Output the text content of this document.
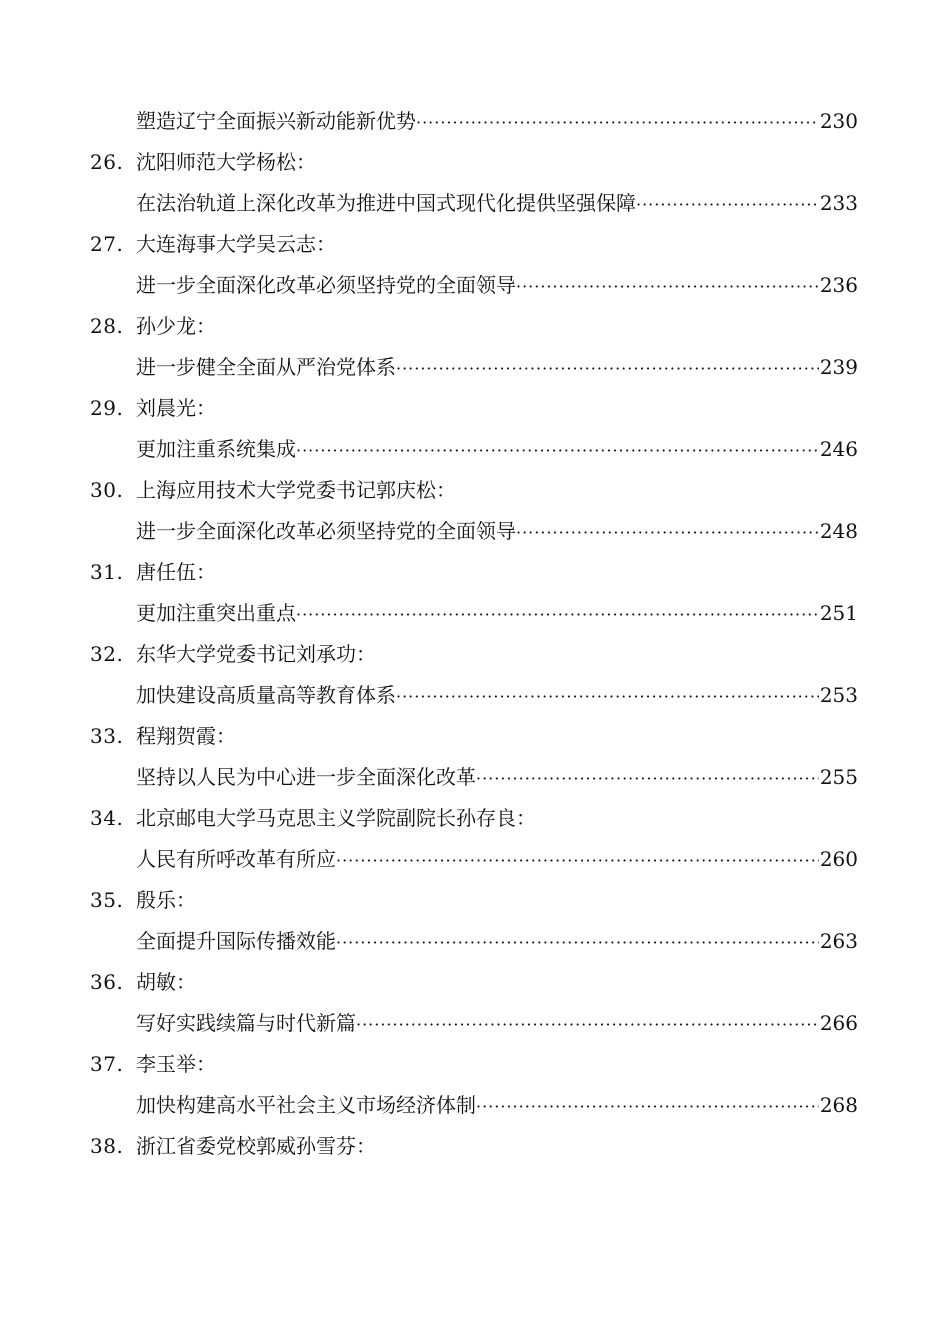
塑造辽宁全面振兴新动能新优势 ·····	230
26. 沈阳师范大学杨松：
在法治轨道上深化改革为推进中国式现代化提供坚强保障 ·····	233
27. 大连海事大学吴云志：
进一步全面深化改革必须坚持党的全面领导 ·····	236
28. 孙少龙：
进一步健全全面从严治党体系 ·····	239
29. 刘晨光：
更加注重系统集成 ·····	246
30. 上海应用技术大学党委书记郭庆松：
进一步全面深化改革必须坚持党的全面领导 ·····	248
31. 唐任伍：
更加注重突出重点 ·····	251
32. 东华大学党委书记刘承功：
加快建设高质量高等教育体系 ·····	253
33. 程翔贺霞：
坚持以人民为中心进一步全面深化改革 ·····	255
34. 北京邮电大学马克思主义学院副院长孙存良：
人民有所呼改革有所应 ·····	260
35. 殷乐：
全面提升国际传播效能 ·····	263
36. 胡敏：
写好实践续篇与时代新篇 ·····	266
37. 李玉举：
加快构建高水平社会主义市场经济体制 ·····	268
38. 浙江省委党校郭威孙雪芬：
